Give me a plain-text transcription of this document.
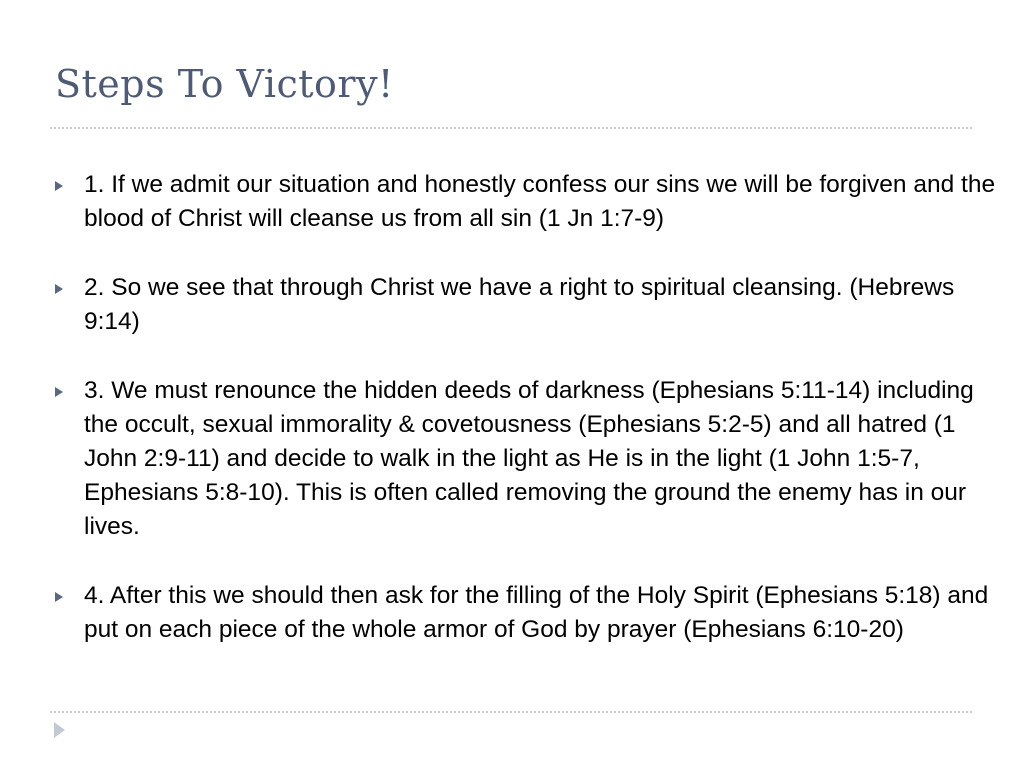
Steps To Victory!
1. If we admit our situation and honestly confess our sins we will be forgiven and the blood of Christ will cleanse us from all sin (1 Jn 1:7-9)
2. So we see that through Christ we have a right to spiritual cleansing. (Hebrews 9:14)
3. We must renounce the hidden deeds of darkness (Ephesians 5:11-14) including the occult, sexual immorality & covetousness (Ephesians 5:2-5) and all hatred (1 John 2:9-11) and decide to walk in the light as He is in the light (1 John 1:5-7, Ephesians 5:8-10). This is often called removing the ground the enemy has in our lives.
4. After this we should then ask for the filling of the Holy Spirit (Ephesians 5:18) and put on each piece of the whole armor of God by prayer (Ephesians 6:10-20)
